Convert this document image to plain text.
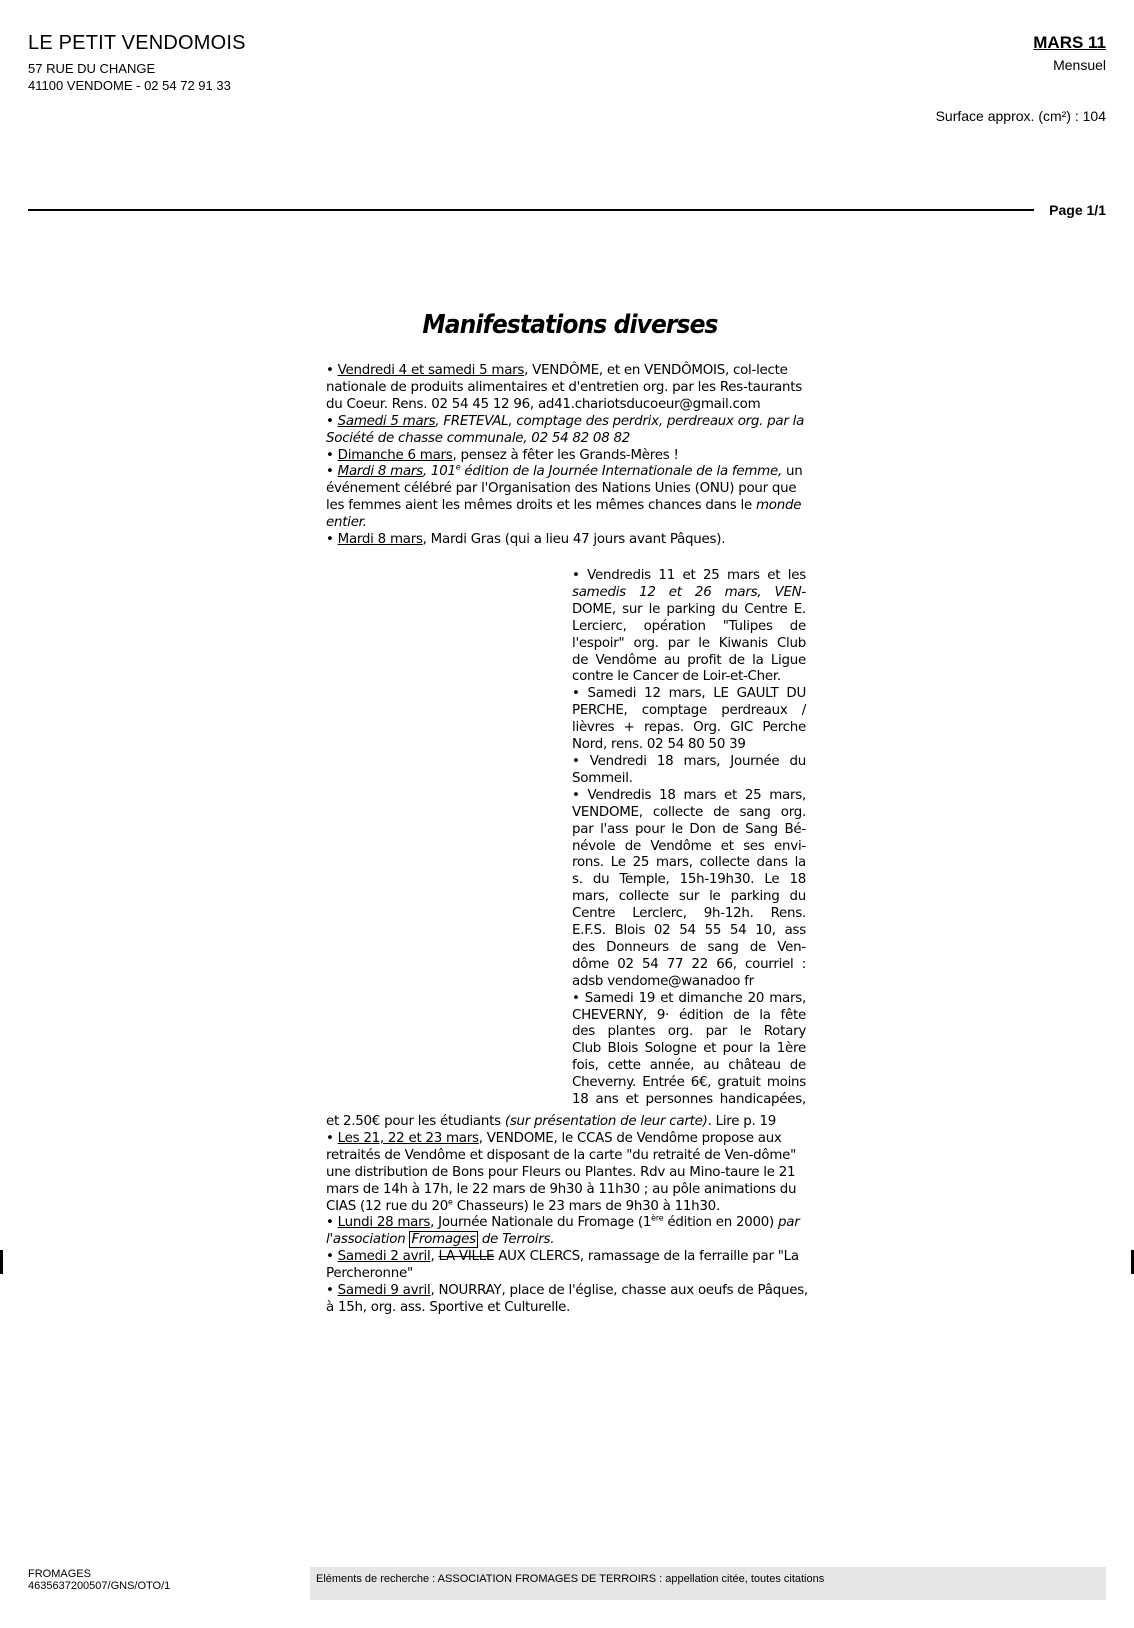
LE PETIT VENDOMOIS
57 RUE DU CHANGE
41100 VENDOME - 02 54 72 91 33
MARS 11
Mensuel
Surface approx. (cm²) : 104
Page 1/1
Manifestations diverses
• Vendredi 4 et samedi 5 mars, VENDÔME, et en VENDÔMOIS, col-lecte nationale de produits alimentaires et d'entretien org. par les Res-taurants du Coeur. Rens. 02 54 45 12 96, ad41.chariotsducoeur@gmail.com
• Samedi 5 mars, FRETEVAL, comptage des perdrix, perdreaux org. par la Société de chasse communale, 02 54 82 08 82
• Dimanche 6 mars, pensez à fêter les Grands-Mères !
• Mardi 8 mars, 101e édition de la Journée Internationale de la femme, un événement célébré par l'Organisation des Nations Unies (ONU) pour que les femmes aient les mêmes droits et les mêmes chances dans le monde entier.
• Mardi 8 mars, Mardi Gras (qui a lieu 47 jours avant Pâques).
• Vendredis 11 et 25 mars et les
samedis 12 et 26 mars, VEN-
DOME, sur le parking du Centre E.
Lercierc, opération "Tulipes de
l'espoir" org. par le Kiwanis Club
de Vendôme au profit de la Ligue
contre le Cancer de Loir-et-Cher.
• Samedi 12 mars, LE GAULT DU
PERCHE, comptage perdreaux /
lièvres + repas. Org. GIC Perche
Nord, rens. 02 54 80 50 39
• Vendredi 18 mars, Journée du
Sommeil.
• Vendredis 18 mars et 25 mars,
VENDOME, collecte de sang org.
par l'ass pour le Don de Sang Bé-
névole de Vendôme et ses envi-
rons. Le 25 mars, collecte dans la
s. du Temple, 15h-19h30. Le 18
mars, collecte sur le parking du
Centre Lerclerc, 9h-12h. Rens.
E.F.S. Blois 02 54 55 54 10, ass
des Donneurs de sang de Ven-
dôme 02 54 77 22 66, courriel :
adsb vendome@wanadoo fr
• Samedi 19 et dimanche 20 mars,
CHEVERNY, 9· édition de la fête
des plantes org. par le Rotary
Club Blois Sologne et pour la 1ère
fois, cette année, au château de
Cheverny. Entrée 6€, gratuit moins
18 ans et personnes handicapées,
et 2.50€ pour les étudiants (sur présentation de leur carte). Lire p. 19
• Les 21, 22 et 23 mars, VENDOME, le CCAS de Vendôme propose aux retraités de Vendôme et disposant de la carte "du retraité de Ven-dôme" une distribution de Bons pour Fleurs ou Plantes. Rdv au Mino-taure le 21 mars de 14h à 17h, le 22 mars de 9h30 à 11h30 ; au pôle animations du CIAS (12 rue du 20e Chasseurs) le 23 mars de 9h30 à 11h30.
• Lundi 28 mars, Journée Nationale du Fromage (1ère édition en 2000) par l'association Fromages de Terroirs.
• Samedi 2 avril, LA VILLE AUX CLERCS, ramassage de la ferraille par "La Percheronne"
• Samedi 9 avril, NOURRAY, place de l'église, chasse aux oeufs de Pâques, à 15h, org. ass. Sportive et Culturelle.
FROMAGES
4635637200507/GNS/OTO/1
Eléments de recherche : ASSOCIATION FROMAGES DE TERROIRS : appellation citée, toutes citations
